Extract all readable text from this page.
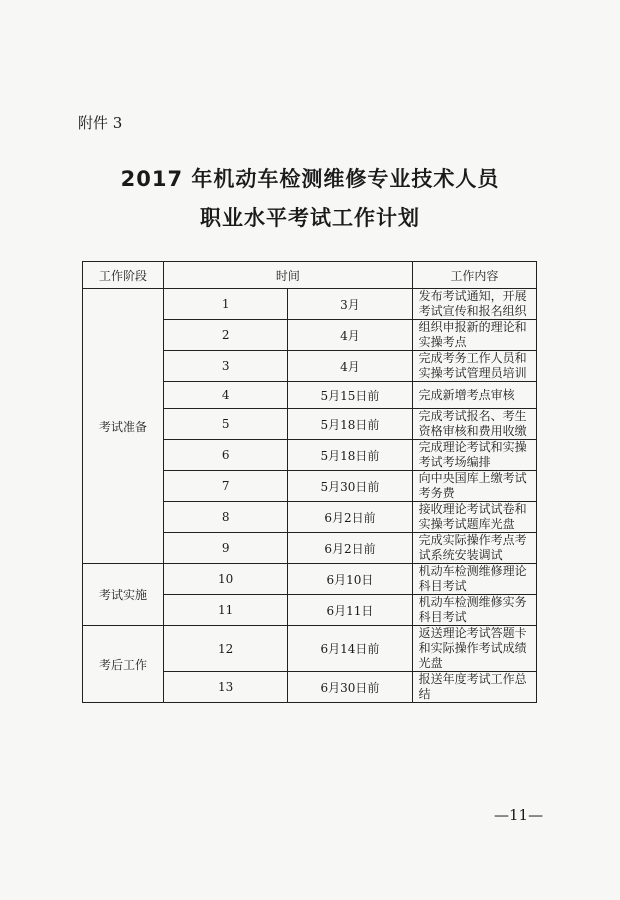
附件 3
2017 年机动车检测维修专业技术人员
职业水平考试工作计划
工作阶段	时间		工作内容
考试准备	1	3月	发布考试通知，开展考试宣传和报名组织
	2	4月	组织申报新的理论和实操考点
	3	4月	完成考务工作人员和实操考试管理员培训
	4	5月15日前	完成新增考点审核
	5	5月18日前	完成考试报名、考生资格审核和费用收缴
	6	5月18日前	完成理论考试和实操考试考场编排
	7	5月30日前	向中央国库上缴考试考务费
	8	6月2日前	接收理论考试试卷和实操考试题库光盘
	9	6月2日前	完成实际操作考点考试系统安装调试
考试实施	10	6月10日	机动车检测维修理论科目考试
	11	6月11日	机动车检测维修实务科目考试
考后工作	12	6月14日前	返送理论考试答题卡和实际操作考试成绩光盘
	13	6月30日前	报送年度考试工作总结
—11—
